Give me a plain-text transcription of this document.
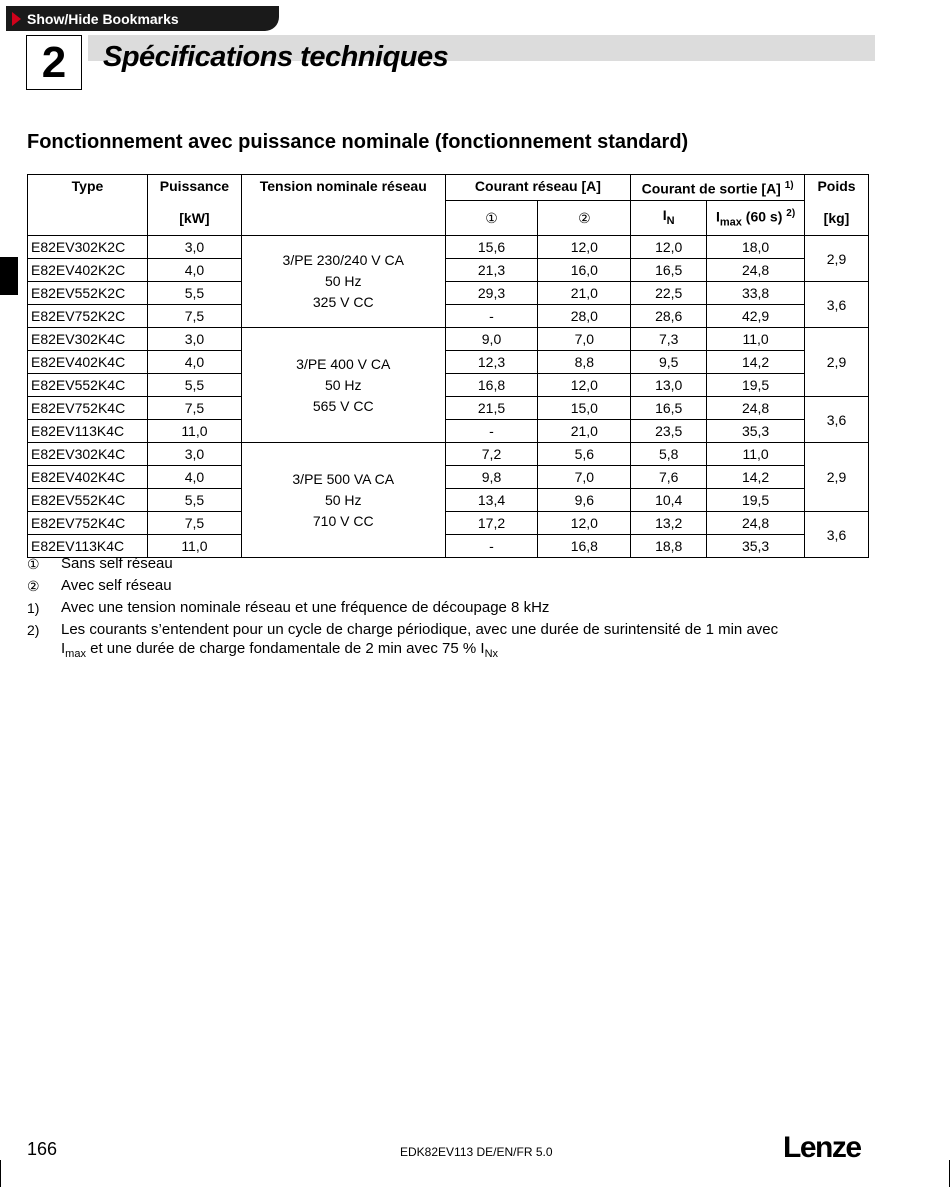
Show/Hide Bookmarks
2	Spécifications techniques
Fonctionnement avec puissance nominale (fonctionnement standard)
Type	Puissance	Tension nominale réseau	Courant réseau [A]		Courant de sortie [A] $^{1)}$		Poids
	[kW]		①	②	$I_N$	$I_{max}$ (60 s) $^{2)}$	[kg]
E82EV302K2C	3,0	3/PE 230/240 V CA
50 Hz
325 V CC	15,6	12,0	12,0	18,0	2,9
E82EV402K2C	4,0		21,3	16,0	16,5	24,8	
E82EV552K2C	5,5		29,3	21,0	22,5	33,8	3,6
E82EV752K2C	7,5		-	28,0	28,6	42,9	
E82EV302K4C	3,0	3/PE 400 V CA
50 Hz
565 V CC	9,0	7,0	7,3	11,0	2,9
E82EV402K4C	4,0		12,3	8,8	9,5	14,2	
E82EV552K4C	5,5		16,8	12,0	13,0	19,5	
E82EV752K4C	7,5		21,5	15,0	16,5	24,8	3,6
E82EV113K4C	11,0		-	21,0	23,5	35,3	
E82EV302K4C	3,0	3/PE 500 VA CA
50 Hz
710 V CC	7,2	5,6	5,8	11,0	2,9
E82EV402K4C	4,0		9,8	7,0	7,6	14,2	
E82EV552K4C	5,5		13,4	9,6	10,4	19,5	
E82EV752K4C	7,5		17,2	12,0	13,2	24,8	3,6
E82EV113K4C	11,0		-	16,8	18,8	35,3	
①	Sans self réseau
②	Avec self réseau
1)	Avec une tension nominale réseau et une fréquence de découpage 8 kHz
2)	Les courants s’entendent pour un cycle de charge périodique, avec une durée de surintensité de 1 min avec
$I_{max}$ et une durée de charge fondamentale de 2 min avec 75 % $I_{Nx}$
166	EDK82EV113 DE/EN/FR 5.0	Lenze
